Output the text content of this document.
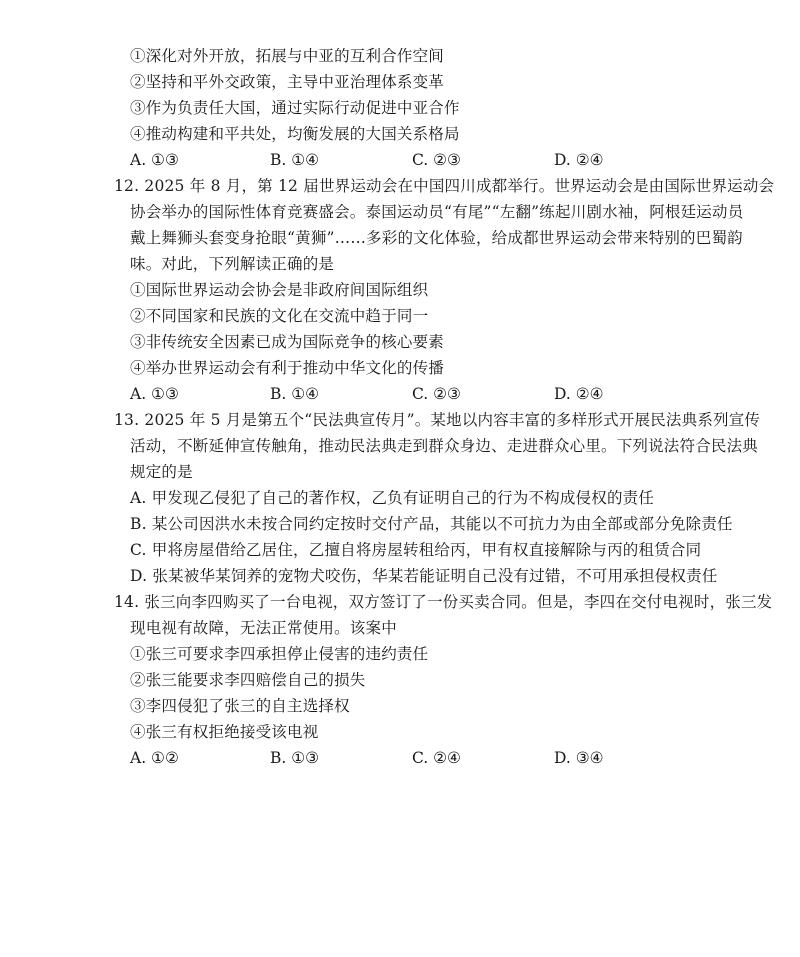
①深化对外开放，拓展与中亚的互利合作空间
②坚持和平外交政策，主导中亚治理体系变革
③作为负责任大国，通过实际行动促进中亚合作
④推动构建和平共处，均衡发展的大国关系格局
A. ①③	B. ①④	C. ②③	D. ②④
12. 2025 年 8 月，第 12 届世界运动会在中国四川成都举行。世界运动会是由国际世界运动会
协会举办的国际性体育竞赛盛会。泰国运动员“有尾”“左翻”练起川剧水袖，阿根廷运动员
戴上舞狮头套变身抢眼“黄狮”……多彩的文化体验，给成都世界运动会带来特别的巴蜀韵
味。对此，下列解读正确的是
①国际世界运动会协会是非政府间国际组织
②不同国家和民族的文化在交流中趋于同一
③非传统安全因素已成为国际竞争的核心要素
④举办世界运动会有利于推动中华文化的传播
A. ①③	B. ①④	C. ②③	D. ②④
13. 2025 年 5 月是第五个“民法典宣传月”。某地以内容丰富的多样形式开展民法典系列宣传
活动，不断延伸宣传触角，推动民法典走到群众身边、走进群众心里。下列说法符合民法典
规定的是
A. 甲发现乙侵犯了自己的著作权，乙负有证明自己的行为不构成侵权的责任
B. 某公司因洪水未按合同约定按时交付产品，其能以不可抗力为由全部或部分免除责任
C. 甲将房屋借给乙居住，乙擅自将房屋转租给丙，甲有权直接解除与丙的租赁合同
D. 张某被华某饲养的宠物犬咬伤，华某若能证明自己没有过错，不可用承担侵权责任
14. 张三向李四购买了一台电视，双方签订了一份买卖合同。但是，李四在交付电视时，张三发
现电视有故障，无法正常使用。该案中
①张三可要求李四承担停止侵害的违约责任
②张三能要求李四赔偿自己的损失
③李四侵犯了张三的自主选择权
④张三有权拒绝接受该电视
A. ①②	B. ①③	C. ②④	D. ③④
